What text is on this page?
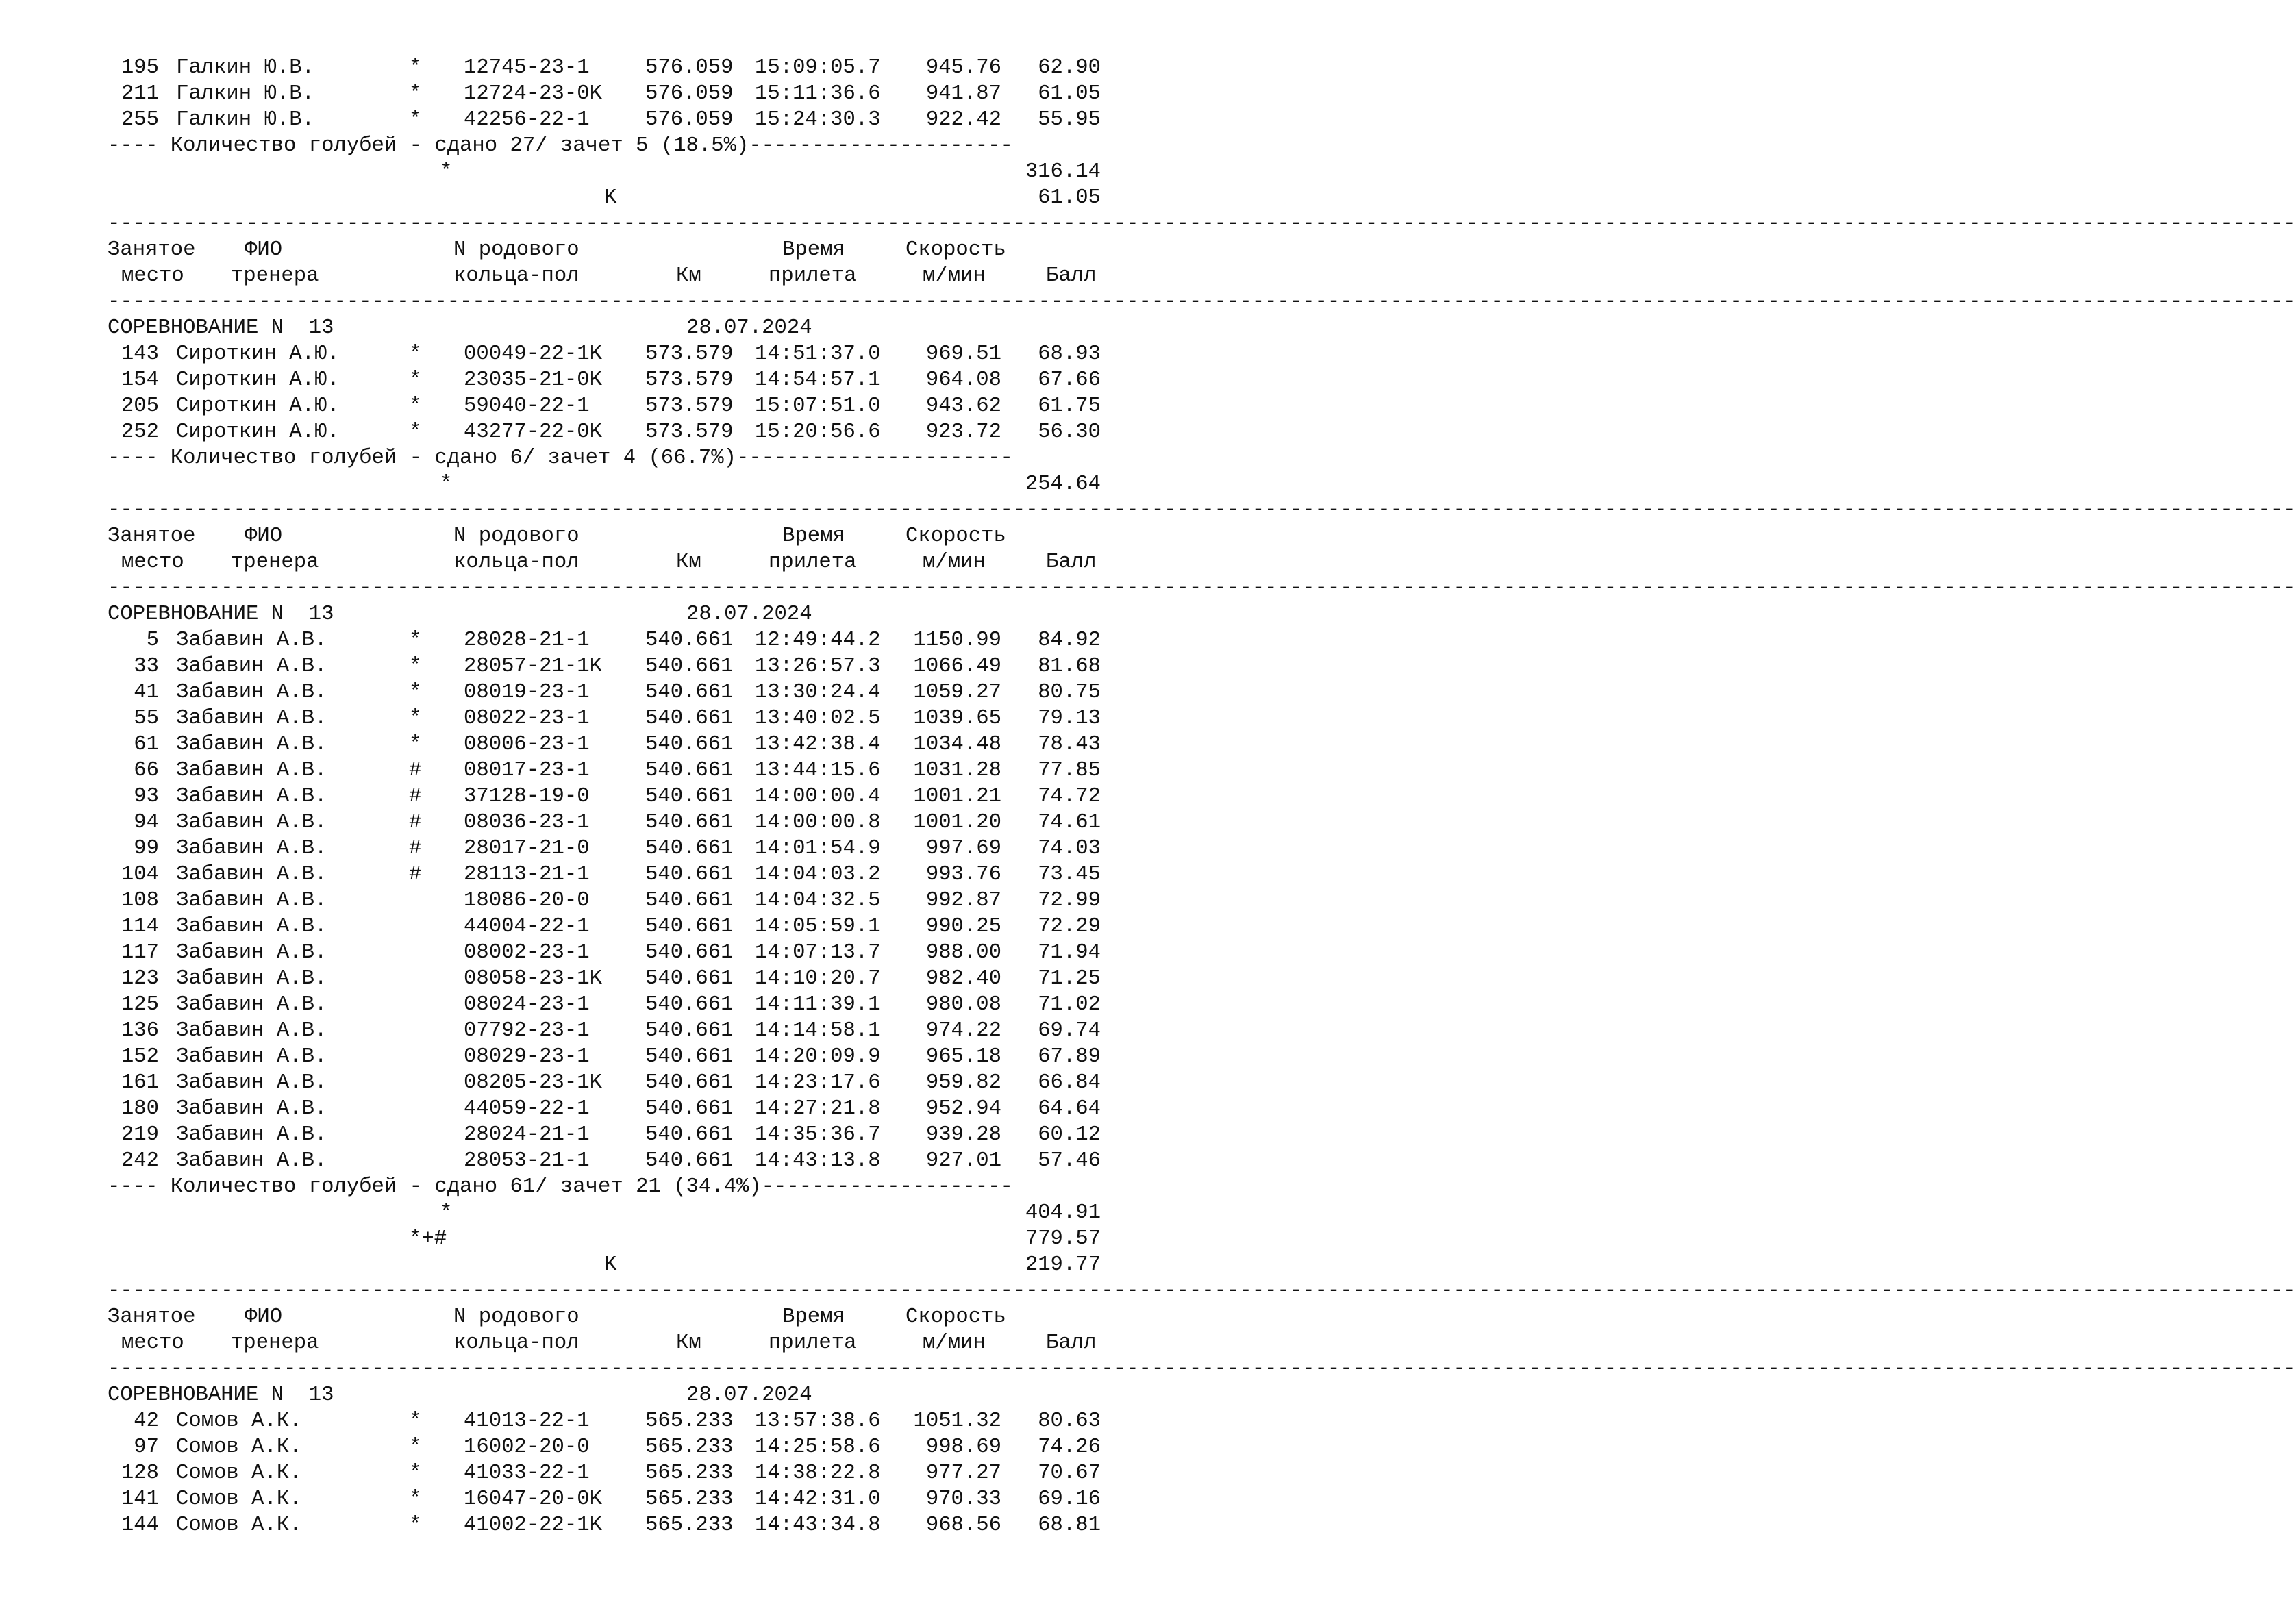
195 Галкин Ю.В.	* 12745-23-1	576.059 15:09:05.7	945.76	62.90
211 Галкин Ю.В.	* 12724-23-0K 576.059 15:11:36.6	941.87	61.05
255 Галкин Ю.В.	* 42256-22-1	576.059 15:24:30.3	922.42	55.95
---- Количество голубей - сдано 27/ зачет 5 (18.5%)---------------------
*	316.14
K	61.05
------------------------------------------------------------------------------------------------------------------------------------------------------------------------------
Занятое ФИО	N родового	Время	Скорость
место тренера	кольца-пол	Км	прилета	м/мин	Балл
------------------------------------------------------------------------------------------------------------------------------------------------------------------------------
СОРЕВНОВАНИЕ N  13	28.07.2024
143 Сироткин А.Ю.	* 00049-22-1K 573.579 14:51:37.0	969.51	68.93
154 Сироткин А.Ю.	* 23035-21-0K 573.579 14:54:57.1	964.08	67.66
205 Сироткин А.Ю.	* 59040-22-1	573.579 15:07:51.0	943.62	61.75
252 Сироткин А.Ю.	* 43277-22-0K 573.579 15:20:56.6	923.72	56.30
---- Количество голубей - сдано 6/ зачет 4 (66.7%)----------------------
*	254.64
------------------------------------------------------------------------------------------------------------------------------------------------------------------------------
Занятое ФИО	N родового	Время	Скорость
место тренера	кольца-пол	Км	прилета	м/мин	Балл
------------------------------------------------------------------------------------------------------------------------------------------------------------------------------
СОРЕВНОВАНИЕ N  13	28.07.2024
5 Забавин А.В.	* 28028-21-1	540.661 12:49:44.2	1150.99	84.92
33 Забавин А.В.	* 28057-21-1K 540.661 13:26:57.3	1066.49	81.68
41 Забавин А.В.	* 08019-23-1	540.661 13:30:24.4	1059.27	80.75
55 Забавин А.В.	* 08022-23-1	540.661 13:40:02.5	1039.65	79.13
61 Забавин А.В.	* 08006-23-1	540.661 13:42:38.4	1034.48	78.43
66 Забавин А.В.	# 08017-23-1	540.661 13:44:15.6	1031.28	77.85
93 Забавин А.В.	# 37128-19-0	540.661 14:00:00.4	1001.21	74.72
94 Забавин А.В.	# 08036-23-1	540.661 14:00:00.8	1001.20	74.61
99 Забавин А.В.	# 28017-21-0	540.661 14:01:54.9	997.69	74.03
104 Забавин А.В.	# 28113-21-1	540.661 14:04:03.2	993.76	73.45
108 Забавин А.В.	18086-20-0	540.661 14:04:32.5	992.87	72.99
114 Забавин А.В.	44004-22-1	540.661 14:05:59.1	990.25	72.29
117 Забавин А.В.	08002-23-1	540.661 14:07:13.7	988.00	71.94
123 Забавин А.В.	08058-23-1K 540.661 14:10:20.7	982.40	71.25
125 Забавин А.В.	08024-23-1	540.661 14:11:39.1	980.08	71.02
136 Забавин А.В.	07792-23-1	540.661 14:14:58.1	974.22	69.74
152 Забавин А.В.	08029-23-1	540.661 14:20:09.9	965.18	67.89
161 Забавин А.В.	08205-23-1K 540.661 14:23:17.6	959.82	66.84
180 Забавин А.В.	44059-22-1	540.661 14:27:21.8	952.94	64.64
219 Забавин А.В.	28024-21-1	540.661 14:35:36.7	939.28	60.12
242 Забавин А.В.	28053-21-1	540.661 14:43:13.8	927.01	57.46
---- Количество голубей - сдано 61/ зачет 21 (34.4%)--------------------
*	404.91
*+#	779.57
K	219.77
------------------------------------------------------------------------------------------------------------------------------------------------------------------------------
Занятое ФИО	N родового	Время	Скорость
место тренера	кольца-пол	Км	прилета	м/мин	Балл
------------------------------------------------------------------------------------------------------------------------------------------------------------------------------
СОРЕВНОВАНИЕ N  13	28.07.2024
42 Сомов А.К.	* 41013-22-1	565.233 13:57:38.6	1051.32	80.63
97 Сомов А.К.	* 16002-20-0	565.233 14:25:58.6	998.69	74.26
128 Сомов А.К.	* 41033-22-1	565.233 14:38:22.8	977.27	70.67
141 Сомов А.К.	* 16047-20-0K 565.233 14:42:31.0	970.33	69.16
144 Сомов А.К.	* 41002-22-1K 565.233 14:43:34.8	968.56	68.81
